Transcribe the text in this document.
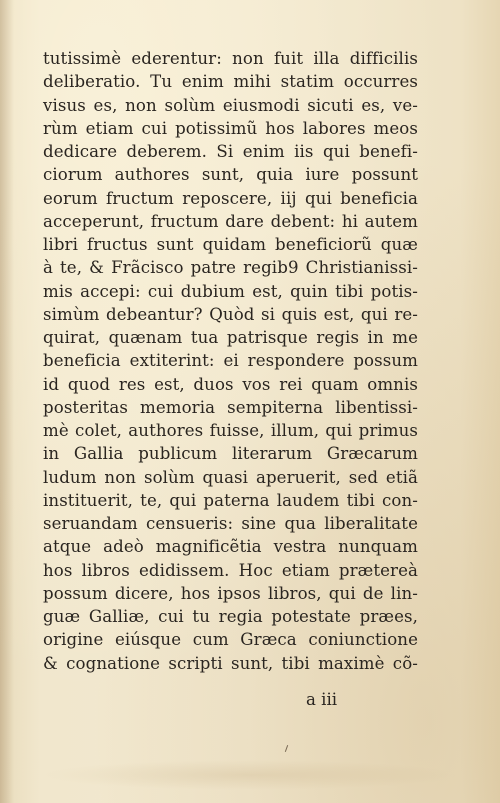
tutissimè ederentur: non fuit illa difficilis
deliberatio. Tu enim mihi statim occurres
visus es, non solùm eiusmodi sicuti es, ve-
rùm etiam cui potissimũ hos labores meos
dedicare deberem. Si enim iis qui benefi-
ciorum authores sunt, quia iure possunt
eorum fructum reposcere, iij qui beneficia
acceperunt, fructum dare debent: hi autem
libri fructus sunt quidam beneficiorũ quæ
à te, & Frãcisco patre regib9 Christianissi-
mis accepi: cui dubium est, quin tibi potis-
simùm debeantur? Quòd si quis est, qui re-
quirat, quænam tua patrisque regis in me
beneficia extiterint: ei respondere possum
id quod res est, duos vos rei quam omnis
posteritas memoria sempiterna libentissi-
mè colet, authores fuisse, illum, qui primus
in Gallia publicum literarum Græcarum
ludum non solùm quasi aperuerit, sed etiã
instituerit, te, qui paterna laudem tibi con-
seruandam censueris: sine qua liberalitate
atque adeò magnificẽtia vestra nunquam
hos libros edidissem. Hoc etiam prætereà
possum dicere, hos ipsos libros, qui de lin-
guæ Galliæ, cui tu regia potestate præes,
origine eiúsque cum Græca coniunctione
& cognatione scripti sunt, tibi maximè cõ-
a iii
